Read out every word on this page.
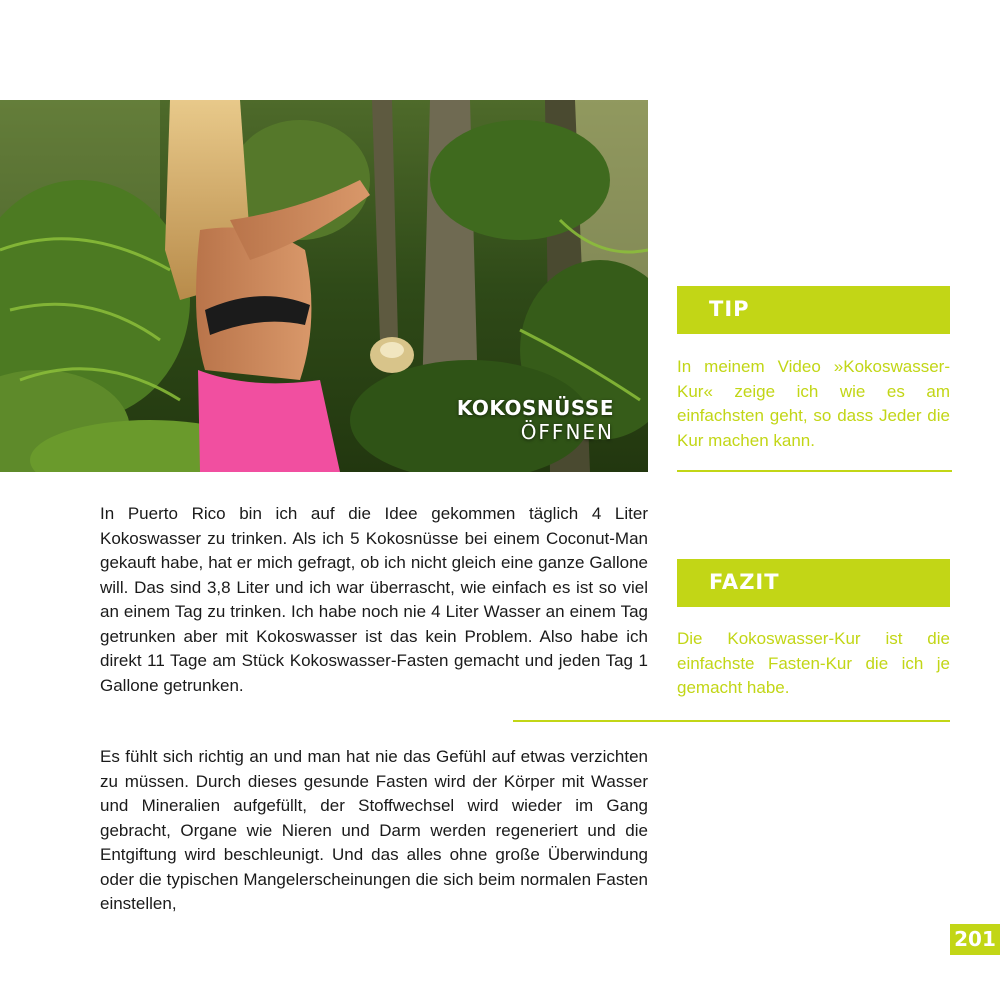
KOKOSNÜSSE
ÖFFNEN
TIP

In meinem Video »Kokoswasser-Kur« zeige ich wie es am einfachsten geht, so dass Jeder die Kur machen kann.

FAZIT

Die Kokoswasser-Kur ist die einfachste Fasten-Kur die ich je gemacht habe.

In Puerto Rico bin ich auf die Idee gekommen täglich 4 Liter Kokoswasser zu trinken. Als ich 5 Kokosnüsse bei einem Coconut-Man gekauft habe, hat er mich gefragt, ob ich nicht gleich eine ganze Gallone will. Das sind 3,8 Liter und ich war überrascht, wie einfach es ist so viel an einem Tag zu trinken. Ich habe noch nie 4 Liter Wasser an einem Tag getrunken aber mit Kokoswasser ist das kein Problem. Also habe ich direkt 11 Tage am Stück Kokoswasser-Fasten gemacht und jeden Tag 1 Gallone getrunken.

Es fühlt sich richtig an und man hat nie das Gefühl auf etwas verzichten zu müssen. Durch dieses gesunde Fasten wird der Körper mit Wasser und Mineralien aufgefüllt, der Stoffwechsel wird wieder im Gang gebracht, Organe wie Nieren und Darm werden regeneriert und die Entgiftung wird beschleunigt. Und das alles ohne große Überwindung oder die typischen Mangelerscheinungen die sich beim normalen Fasten einstellen,

201
